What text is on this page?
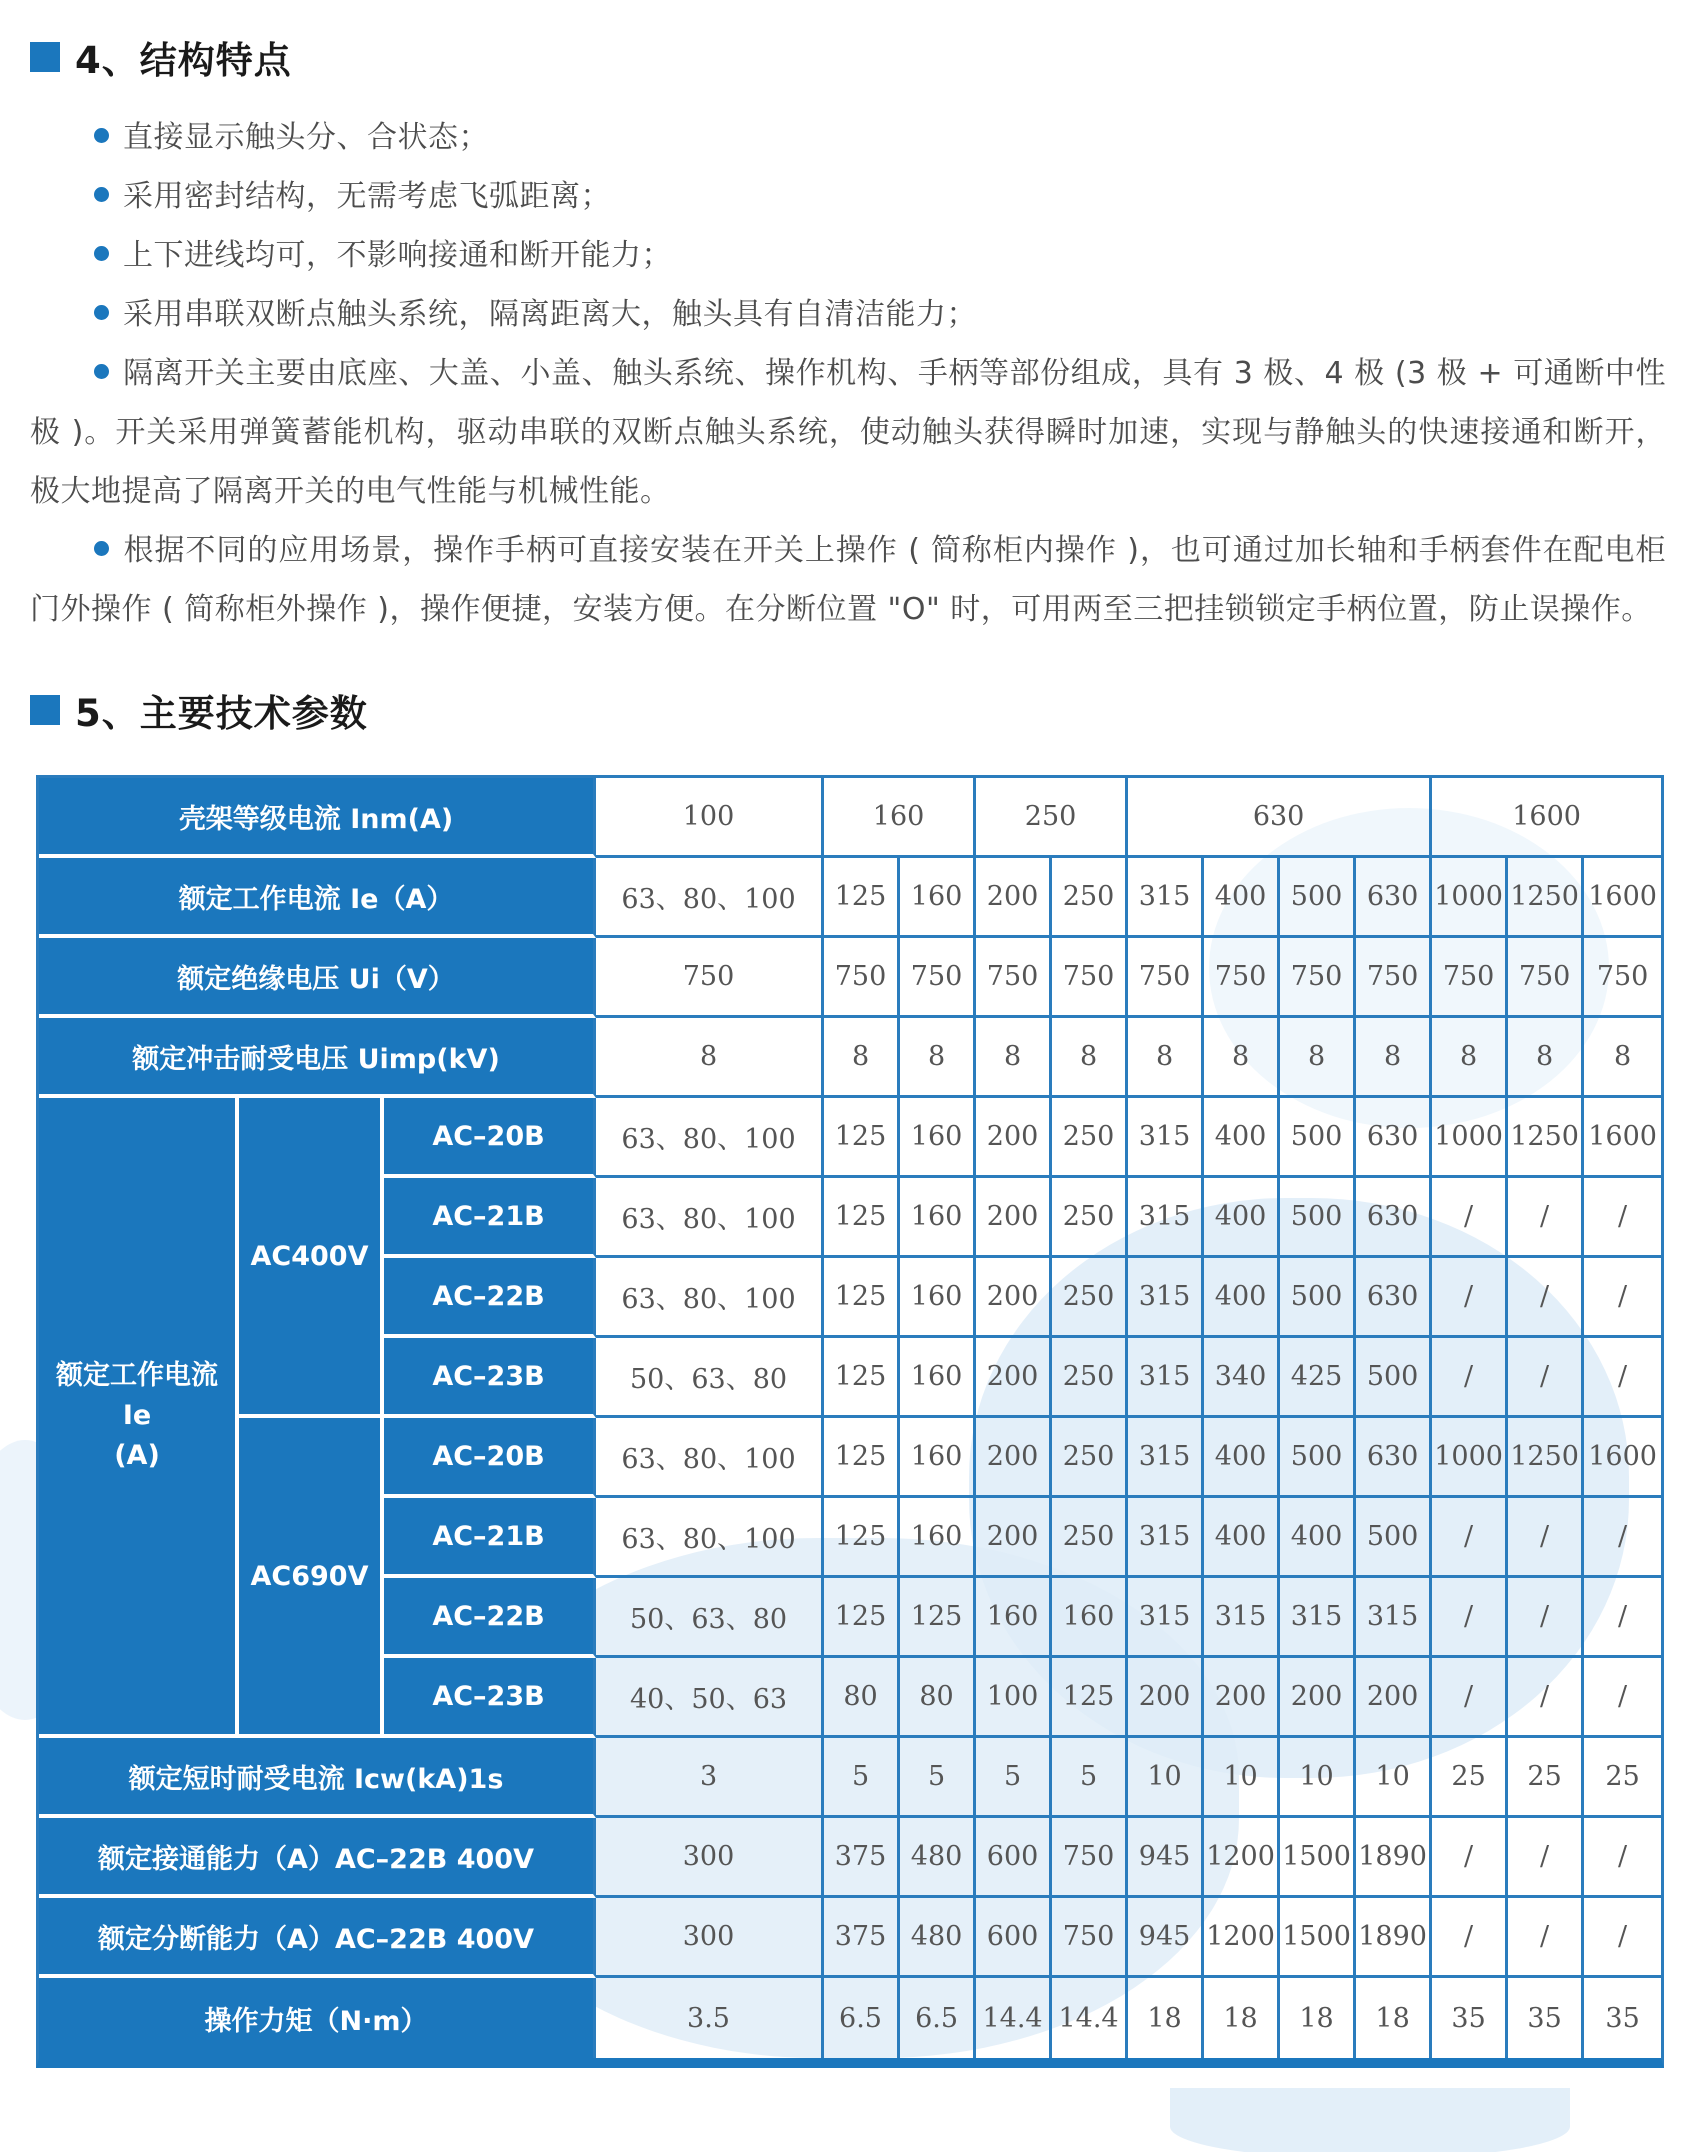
4、结构特点

直接显示触头分、合状态；

采用密封结构，无需考虑飞弧距离；

上下进线均可，不影响接通和断开能力；

采用串联双断点触头系统，隔离距离大，触头具有自清洁能力；

隔离开关主要由底座、大盖、小盖、触头系统、操作机构、手柄等部份组成，具有 3 极、4 极 (3 极 + 可通断中性极 )。开关采用弹簧蓄能机构，驱动串联的双断点触头系统，使动触头获得瞬时加速，实现与静触头的快速接通和断开，极大地提高了隔离开关的电气性能与机械性能。

根据不同的应用场景，操作手柄可直接安装在开关上操作 ( 简称柜内操作 )，也可通过加长轴和手柄套件在配电柜门外操作 ( 简称柜外操作 )，操作便捷，安装方便。在分断位置 "O" 时，可用两至三把挂锁锁定手柄位置，防止误操作。

5、主要技术参数
壳架等级电流 Inm(A)			100	160		250		630				1600		
额定工作电流 Ie（A）			63、80、100	125	160	200	250	315	400	500	630	1000	1250	1600
额定绝缘电压 Ui（V）			750	750	750	750	750	750	750	750	750	750	750	750
额定冲击耐受电压 Uimp(kV)			8	8	8	8	8	8	8	8	8	8	8	8

额定工作电流
Ie
(A)	AC400V	AC–20B	63、80、100	125	160	200	250	315	400	500	630	1000	1250	1600
		AC–21B	63、80、100	125	160	200	250	315	400	500	630	/	/	/
		AC–22B	63、80、100	125	160	200	250	315	400	500	630	/	/	/
		AC–23B	50、63、80	125	160	200	250	315	340	425	500	/	/	/
	AC690V	AC–20B	63、80、100	125	160	200	250	315	400	500	630	1000	1250	1600
		AC–21B	63、80、100	125	160	200	250	315	400	400	500	/	/	/
		AC–22B	50、63、80	125	125	160	160	315	315	315	315	/	/	/
		AC–23B	40、50、63	80	80	100	125	200	200	200	200	/	/	/
额定短时耐受电流 Icw(kA)1s			3	5	5	5	5	10	10	10	10	25	25	25
额定接通能力（A）AC–22B 400V			300	375	480	600	750	945	1200	1500	1890	/	/	/
额定分断能力（A）AC–22B 400V			300	375	480	600	750	945	1200	1500	1890	/	/	/
操作力矩（N·m）			3.5	6.5	6.5	14.4	14.4	18	18	18	18	35	35	35
